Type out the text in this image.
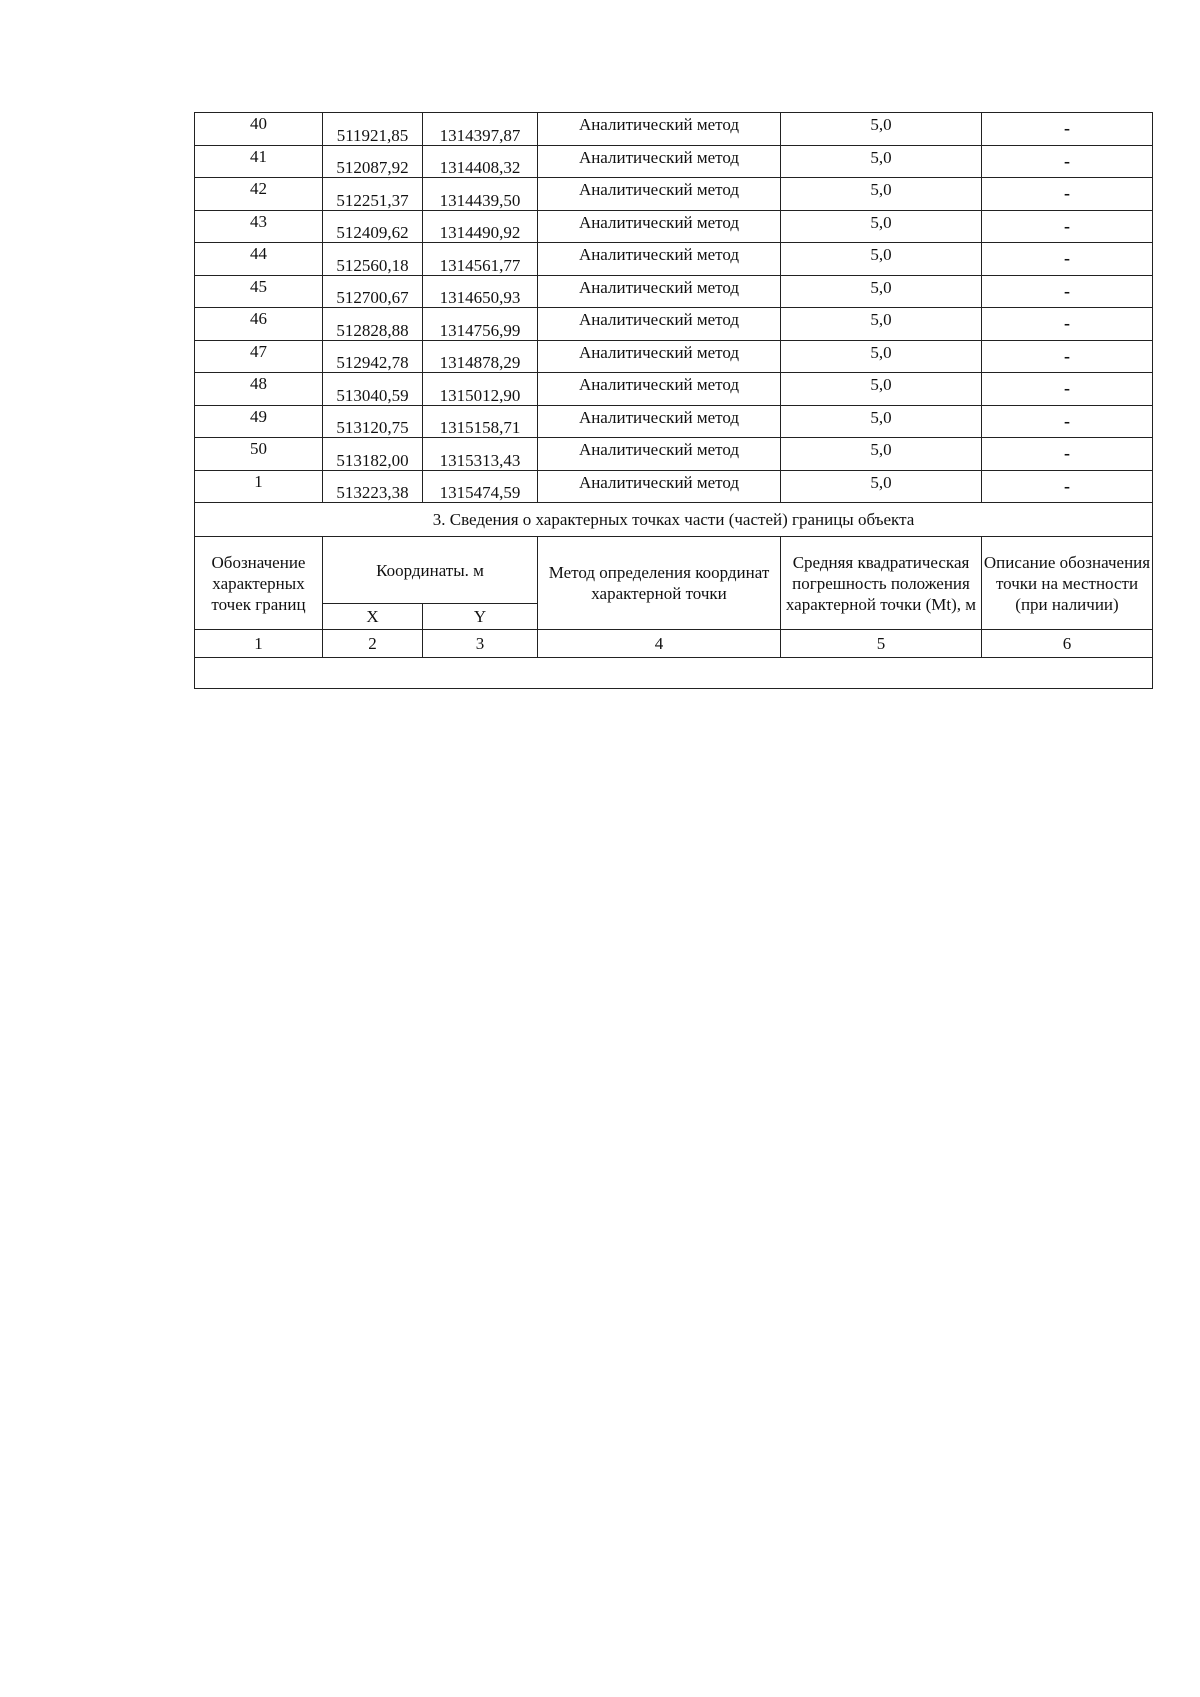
40	511921,85	1314397,87	Аналитический метод	5,0	-
41	512087,92	1314408,32	Аналитический метод	5,0	-
42	512251,37	1314439,50	Аналитический метод	5,0	-
43	512409,62	1314490,92	Аналитический метод	5,0	-
44	512560,18	1314561,77	Аналитический метод	5,0	-
45	512700,67	1314650,93	Аналитический метод	5,0	-
46	512828,88	1314756,99	Аналитический метод	5,0	-
47	512942,78	1314878,29	Аналитический метод	5,0	-
48	513040,59	1315012,90	Аналитический метод	5,0	-
49	513120,75	1315158,71	Аналитический метод	5,0	-
50	513182,00	1315313,43	Аналитический метод	5,0	-
1	513223,38	1315474,59	Аналитический метод	5,0	-
3. Сведения о характерных точках части (частей) границы объекта					
Обозначение характерных точек границ	Координаты. м		Метод определения координат характерной точки	Средняя квадратическая погрешность положения характерной точки (Mt), м	Описание обозначения точки на местности (при наличии)
	X	Y			
1	2	3	4	5	6
